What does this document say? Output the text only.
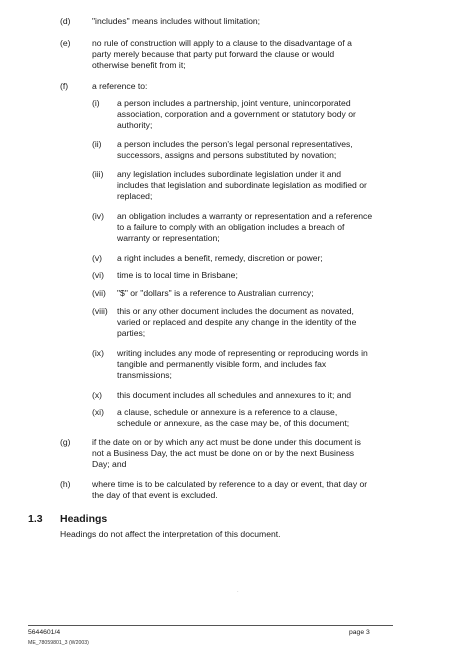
(d) "includes" means includes without limitation;
(e) no rule of construction will apply to a clause to the disadvantage of a
party merely because that party put forward the clause or would
otherwise benefit from it;
(f)	a reference to:
(i) a person includes a partnership, joint venture, unincorporated
association, corporation and a government or statutory body or
authority;
(ii) a person includes the person's legal personal representatives,
successors, assigns and persons substituted by novation;
(iii) any legislation includes subordinate legislation under it and
includes that legislation and subordinate legislation as modified or
replaced;
(iv) an obligation includes a warranty or representation and a reference
to a failure to comply with an obligation includes a breach of
warranty or representation;
(v) a right includes a benefit, remedy, discretion or power;
(vi) time is to local time in Brisbane;
(vii) "$" or "dollars" is a reference to Australian currency;
(viii) this or any other document includes the document as novated,
varied or replaced and despite any change in the identity of the
parties;
(ix) writing includes any mode of representing or reproducing words in
tangible and permanently visible form, and includes fax
transmissions;
(x) this document includes all schedules and annexures to it; and
(xi) a clause, schedule or annexure is a reference to a clause,
schedule or annexure, as the case may be, of this document;
(g) if the date on or by which any act must be done under this document is
not a Business Day, the act must be done on or by the next Business
Day; and
(h) where time is to be calculated by reference to a day or event, that day or
the day of that event is excluded.
1.3 Headings
Headings do not affect the interpretation of this document.
·
5644601/4
ME_78059801_3 (W2003)
page 3
